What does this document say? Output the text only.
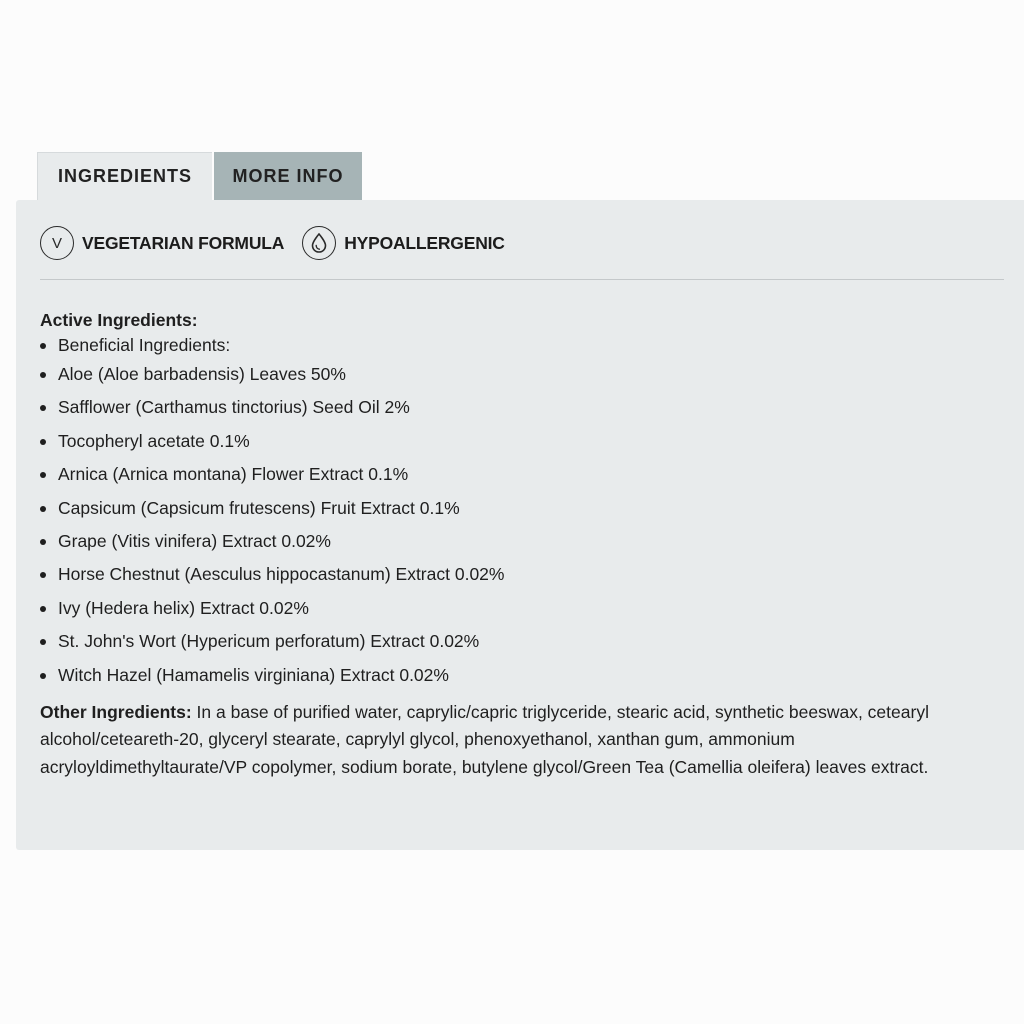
INGREDIENTS	MORE INFO
V	VEGETARIAN FORMULA	HYPOALLERGENIC

Active Ingredients:

Beneficial Ingredients:
Aloe (Aloe barbadensis) Leaves 50%
Safflower (Carthamus tinctorius) Seed Oil 2%
Tocopheryl acetate 0.1%
Arnica (Arnica montana) Flower Extract 0.1%
Capsicum (Capsicum frutescens) Fruit Extract 0.1%
Grape (Vitis vinifera) Extract 0.02%
Horse Chestnut (Aesculus hippocastanum) Extract 0.02%
Ivy (Hedera helix) Extract 0.02%
St. John's Wort (Hypericum perforatum) Extract 0.02%
Witch Hazel (Hamamelis virginiana) Extract 0.02%

Other Ingredients: In a base of purified water, caprylic/capric triglyceride, stearic acid, synthetic beeswax, cetearyl alcohol/ceteareth-20, glyceryl stearate, caprylyl glycol, phenoxyethanol, xanthan gum, ammonium acryloyldimethyltaurate/VP copolymer, sodium borate, butylene glycol/Green Tea (Camellia oleifera) leaves extract.
